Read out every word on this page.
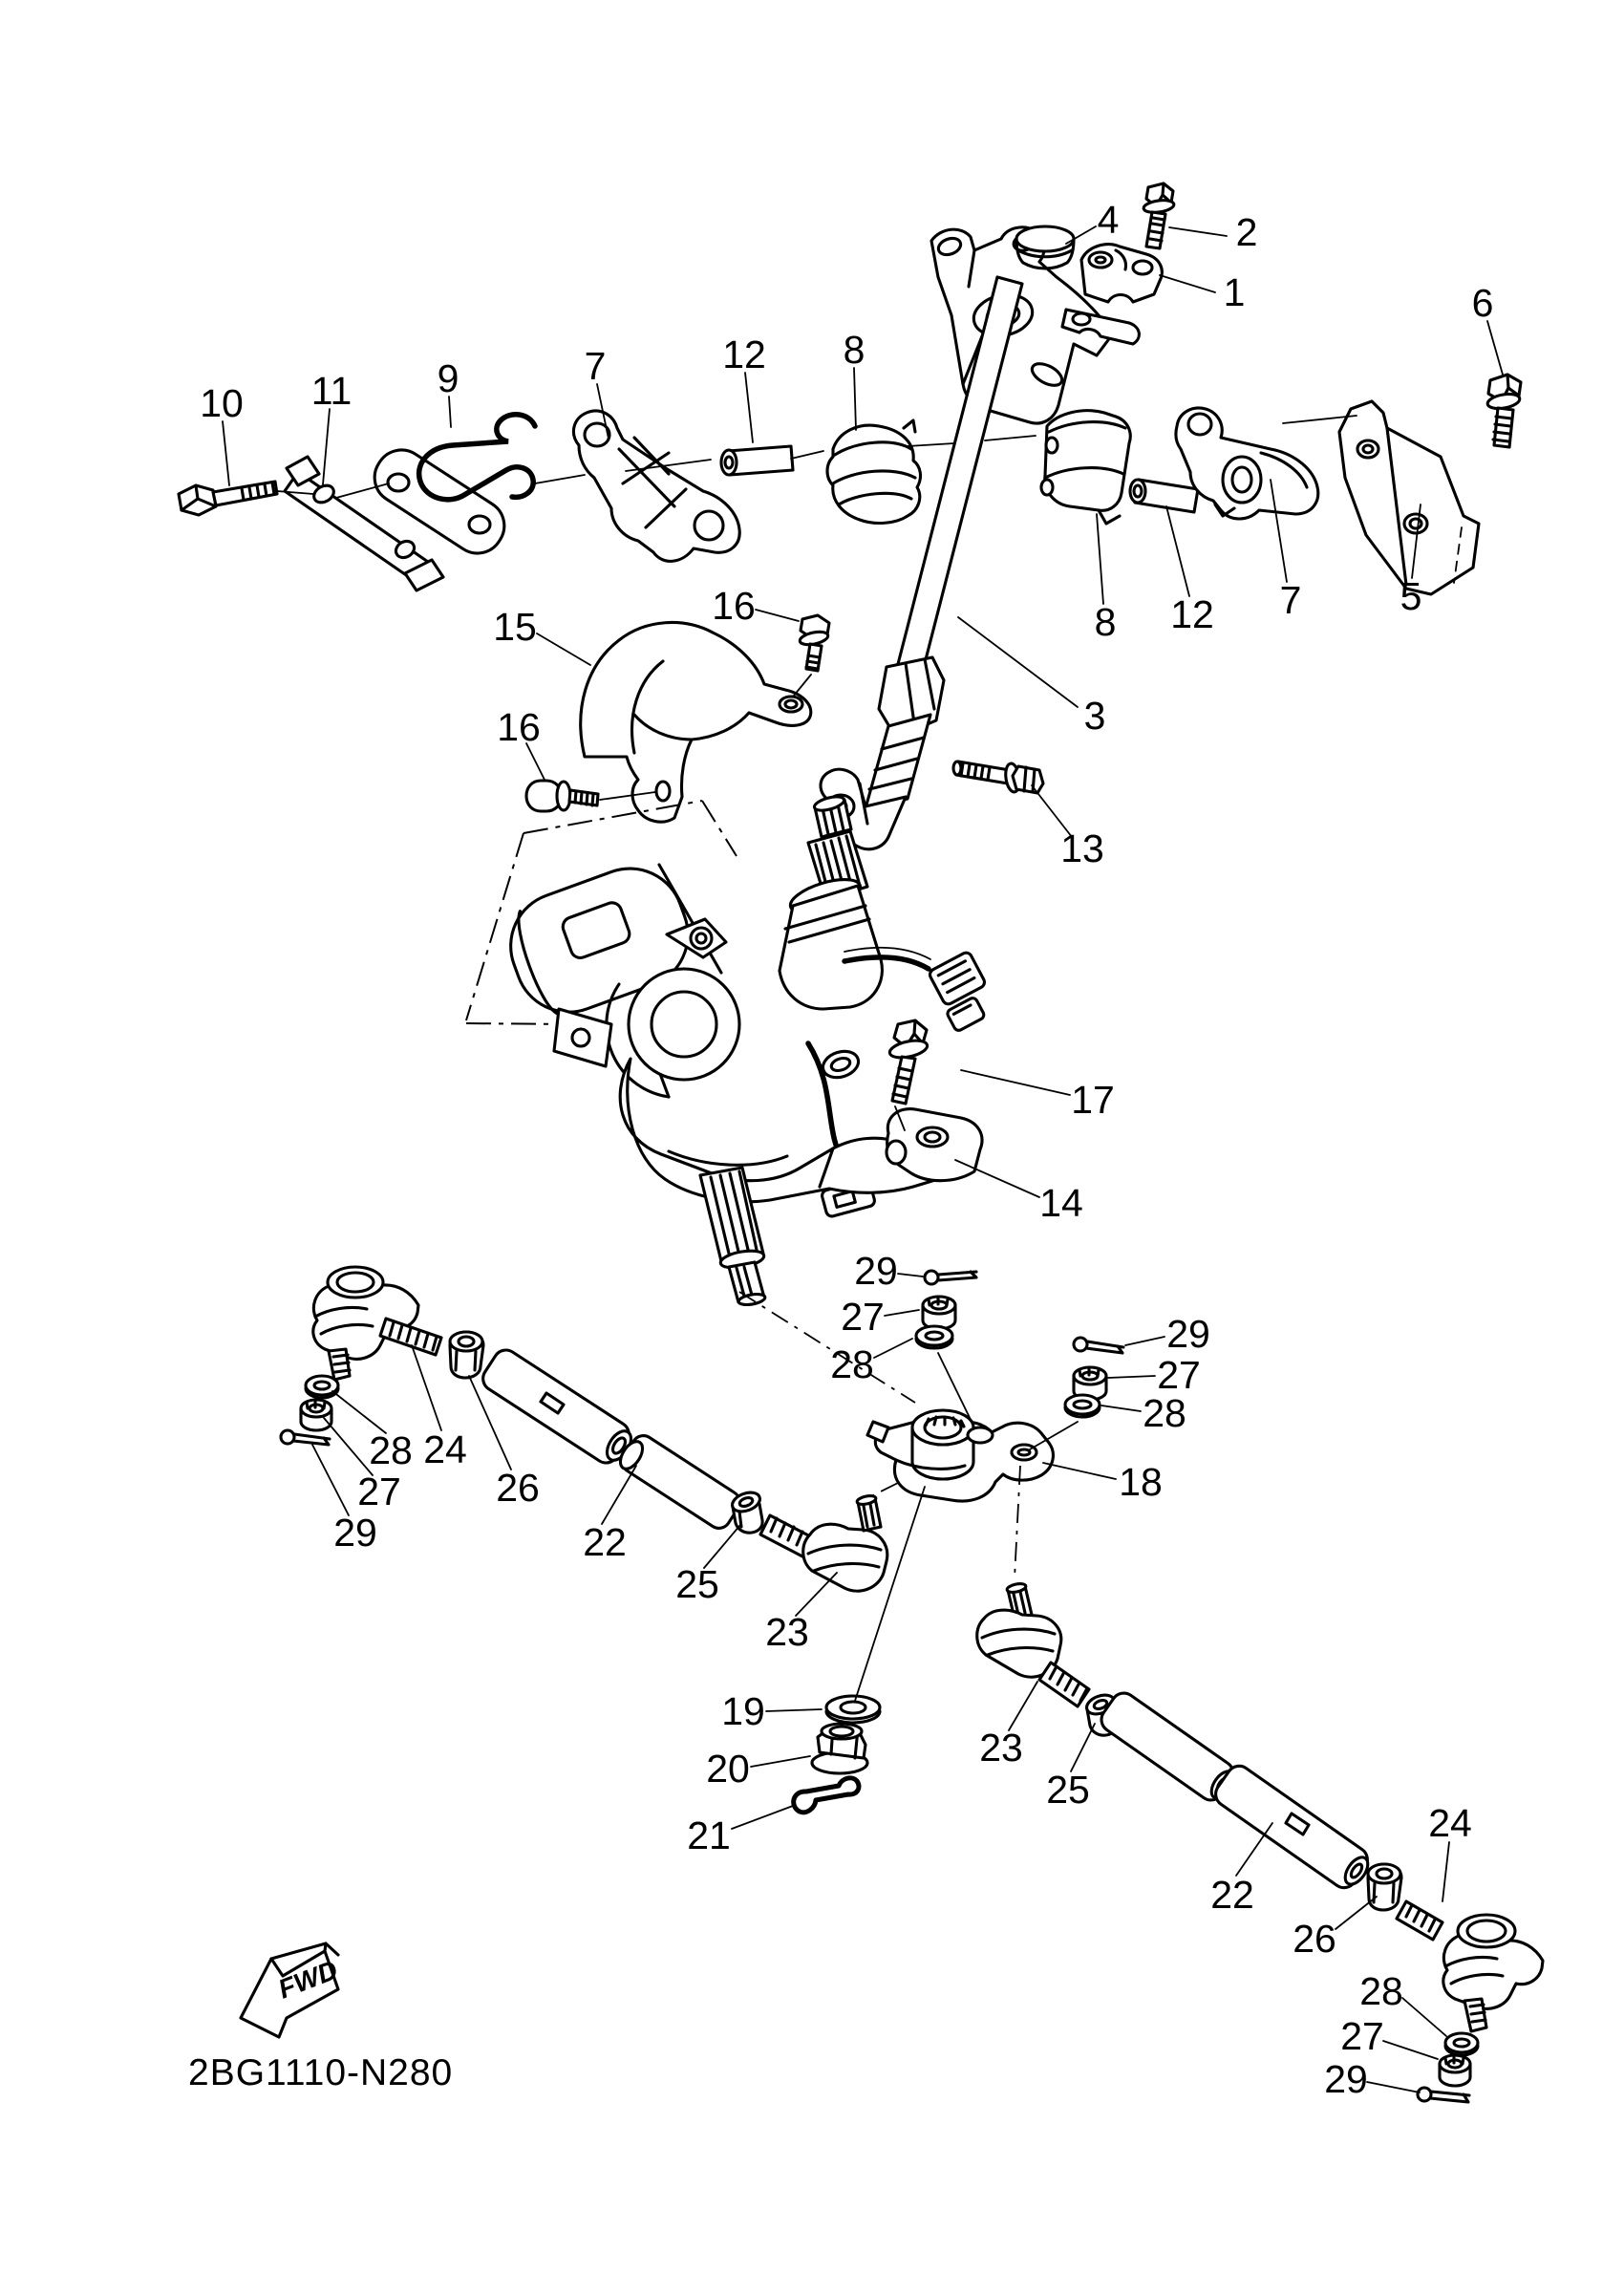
FWD
2BG1110-N280
4	2
1	6
10 11 9	7	12 8
8 12 7	5
15	16
16	3
13
17
14
29
27
28
29
27
28
18
28 24
27 26
29	22
25
23
19
20
21
23
25
22
26
24
28
27
29
